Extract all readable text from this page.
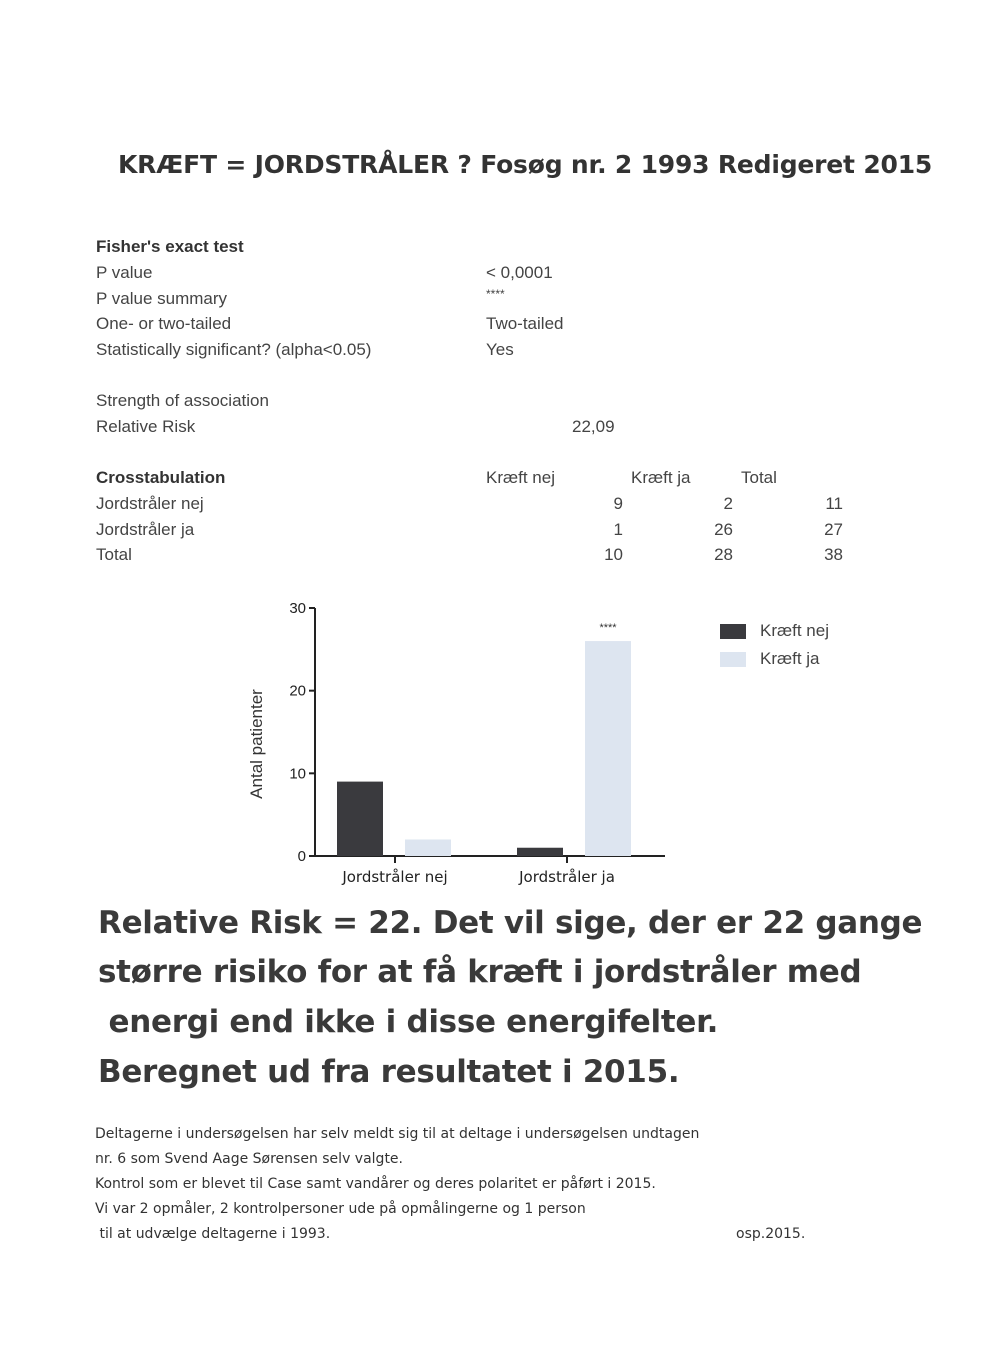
KRÆFT = JORDSTRÅLER ? Fosøg nr. 2 1993 Redigeret 2015
Fisher's exact test
P value	< 0,0001
P value summary	****
One- or two-tailed	Two-tailed
Statistically significant? (alpha<0.05)	Yes
Strength of association
Relative Risk	22,09
Crosstabulation	Kræft nej	Kræft ja	Total
Jordstråler nej	9	2	11
Jordstråler ja	1	26	27
Total	10	28	38
0
10
20
30
Antal patienter
Jordstråler nej	Jordstråler ja
****	Kræft nej
Kræft ja
Relative Risk = 22. Det vil sige, der er 22 gange
større risiko for at få kræft i jordstråler med
energi end ikke i disse energifelter.
Beregnet ud fra resultatet i 2015.
Deltagerne i undersøgelsen har selv meldt sig til at deltage i undersøgelsen undtagen
nr. 6 som Svend Aage Sørensen selv valgte.
Kontrol som er blevet til Case samt vandårer og deres polaritet er påført i 2015.
Vi var 2 opmåler, 2 kontrolpersoner ude på opmålingerne og 1 person
til at udvælge deltagerne i 1993.	osp.2015.
